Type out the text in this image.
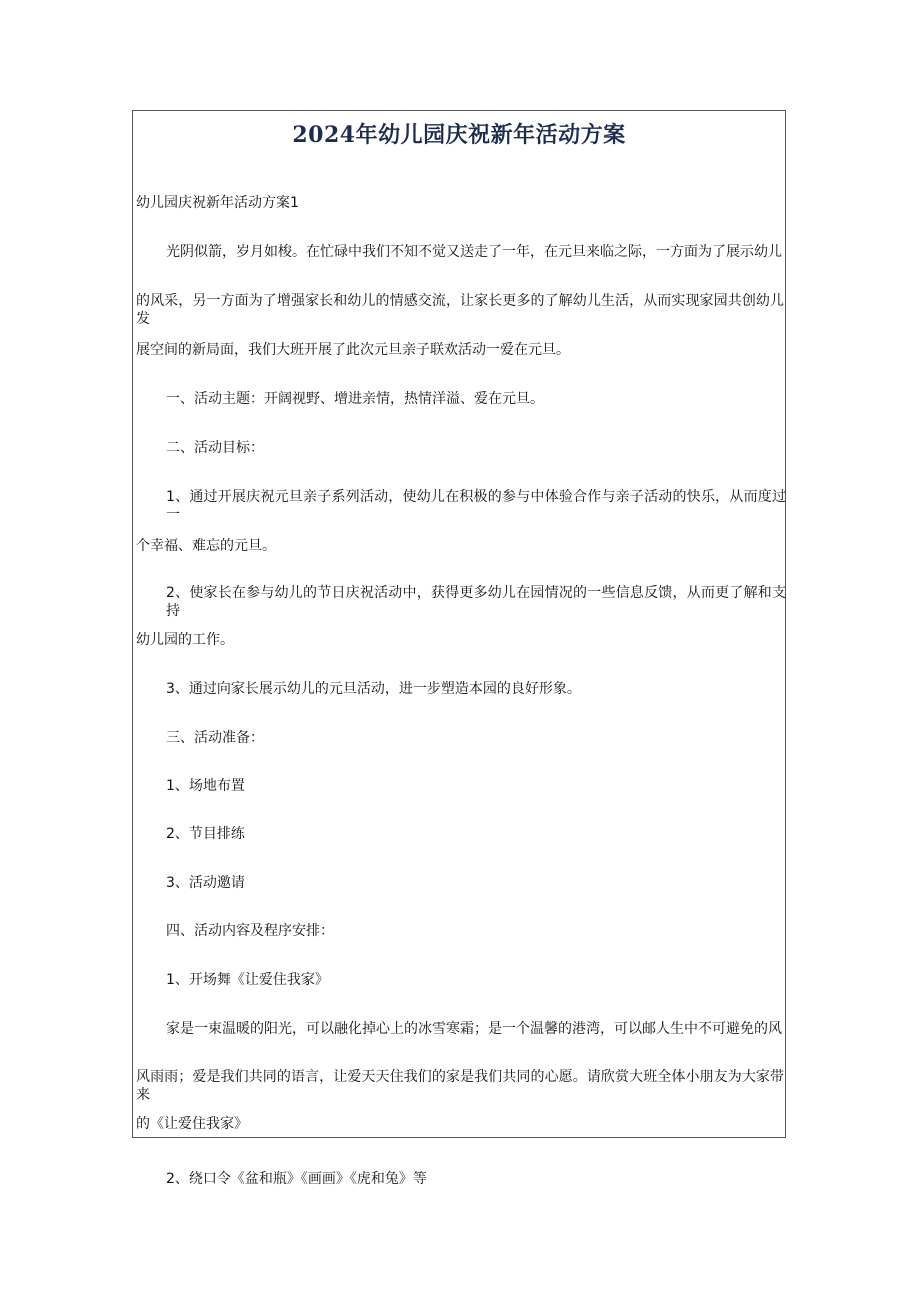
2024年幼儿园庆祝新年活动方案

幼儿园庆祝新年活动方案1

光阴似箭，岁月如梭。在忙碌中我们不知不觉又送走了一年，在元旦来临之际，一方面为了展示幼儿

的风采，另一方面为了增强家长和幼儿的情感交流，让家长更多的了解幼儿生活，从而实现家园共创幼儿发

展空间的新局面，我们大班开展了此次元旦亲子联欢活动一爱在元旦。

一、活动主题：开阔视野、增进亲情，热情洋溢、爱在元旦。

二、活动目标：

1、通过开展庆祝元旦亲子系列活动，使幼儿在积极的参与中体验合作与亲子活动的快乐，从而度过一

个幸福、难忘的元旦。

2、使家长在参与幼儿的节日庆祝活动中，获得更多幼儿在园情况的一些信息反馈，从而更了解和支持

幼儿园的工作。

3、通过向家长展示幼儿的元旦活动，进一步塑造本园的良好形象。

三、活动准备：

1、场地布置

2、节目排练

3、活动邀请

四、活动内容及程序安排：

1、开场舞《让爱住我家》

家是一束温暖的阳光，可以融化掉心上的冰雪寒霜；是一个温馨的港湾，可以邮人生中不可避免的风

风雨雨；爱是我们共同的语言，让爱天天住我们的家是我们共同的心愿。请欣赏大班全体小朋友为大家带来

的《让爱住我家》

2、绕口令《盆和瓶》《画画》《虎和兔》等
